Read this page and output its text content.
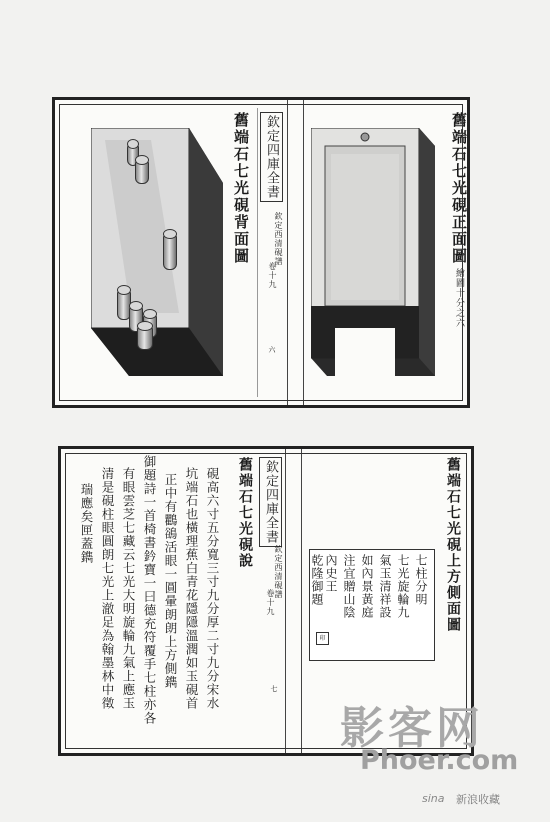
舊端石七光硯背面圖	欽定四庫全書
欽定西清硯譜
卷十九
六
舊端石七光硯正面圖
繪圖十分之六
瑞應矣匣蓋鐫 清是硯柱眼圓朗七光上澈足為翰墨林中徵 有眼雲芝七藏云七光大明旋輪九氣上應玉 御題詩一首椅書鈐寶一曰德充符覆手七柱亦各 正中有鸜鵒活眼一圓暈朗朗上方側鐫 坑端石也橫理蕉白青花隱隱溫潤如玉硯首 硯高六寸五分寬三寸九分厚二寸九分宋水 舊端石七光硯說 欽定四庫全書
欽定西清硯譜
卷十九
七
七柱分明
七光旋輪九
氣玉清祥設
如內景黃庭
注宜贈山陰
內史王
乾隆御題
印
舊端石七光硯上方側面圖
影客网
Phoer.com
sina 新浪收藏
